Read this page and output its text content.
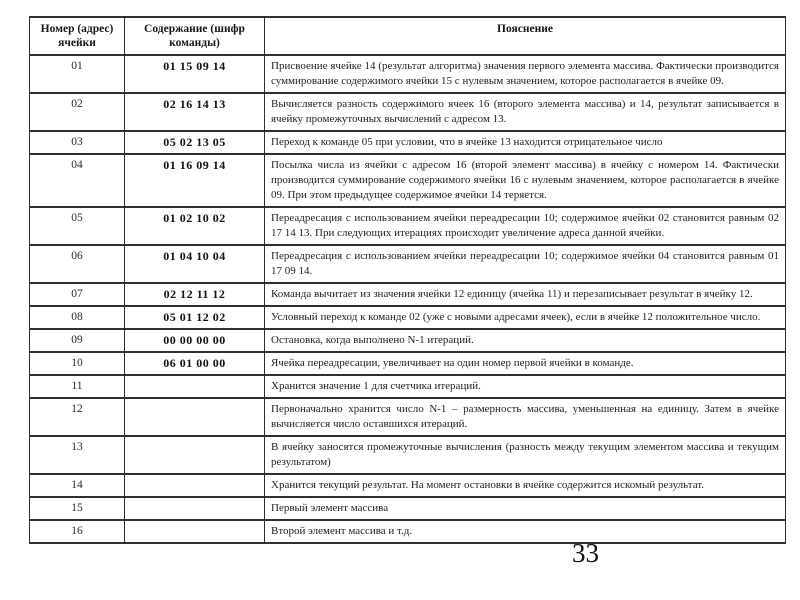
Номер (адрес) ячейки	Содержание (шифр команды)	Пояснение
01	01 15 09 14	Присвоение ячейке 14 (результат алгоритма) значения первого элемента массива. Фактически производится суммирование содержимого ячейки 15 с нулевым значением, которое располагается в ячейке 09.
02	02 16 14 13	Вычисляется разность содержимого ячеек 16 (второго элемента массива) и 14, результат записывается в ячейку промежуточных вычислений с адресом 13.
03	05 02 13 05	Переход к команде 05 при условии, что в ячейке 13 находится отрицательное число
04	01 16 09 14	Посылка числа из ячейки с адресом 16 (второй элемент массива) в ячейку с номером 14. Фактически производится суммирование содержимого ячейки 16 с нулевым значением, которое располагается в ячейке 09. При этом предыдущее содержимое ячейки 14 теряется.
05	01 02 10 02	Переадресация с использованием ячейки переадресации 10; содержимое ячейки 02 становится равным 02 17 14 13. При следующих итерациях происходит увеличение адреса данной ячейки.
06	01 04 10 04	Переадресация с использованием ячейки переадресации 10; содержимое ячейки 04 становится равным 01 17 09 14.
07	02 12 11 12	Команда вычитает из значения ячейки 12 единицу (ячейка 11) и перезаписывает результат в ячейку 12.
08	05 01 12 02	Условный переход к команде 02 (уже с новыми адресами ячеек), если в ячейке 12 положительное число.
09	00 00 00 00	Остановка, когда выполнено N-1 итераций.
10	06 01 00 00	Ячейка переадресации, увеличивает на один номер первой ячейки в команде.
11		Хранится значение 1 для счетчика итераций.
12		Первоначально хранится число N-1 – размерность массива, уменьшенная на единицу. Затем в ячейке вычисляется число оставшихся итераций.
13		В ячейку заносятся промежуточные вычисления (разность между текущим элементом массива и текущим результатом)
14		Хранится текущий результат. На момент остановки в ячейке содержится искомый результат.
15		Первый элемент массива
16		Второй элемент массива и т.д.
33
